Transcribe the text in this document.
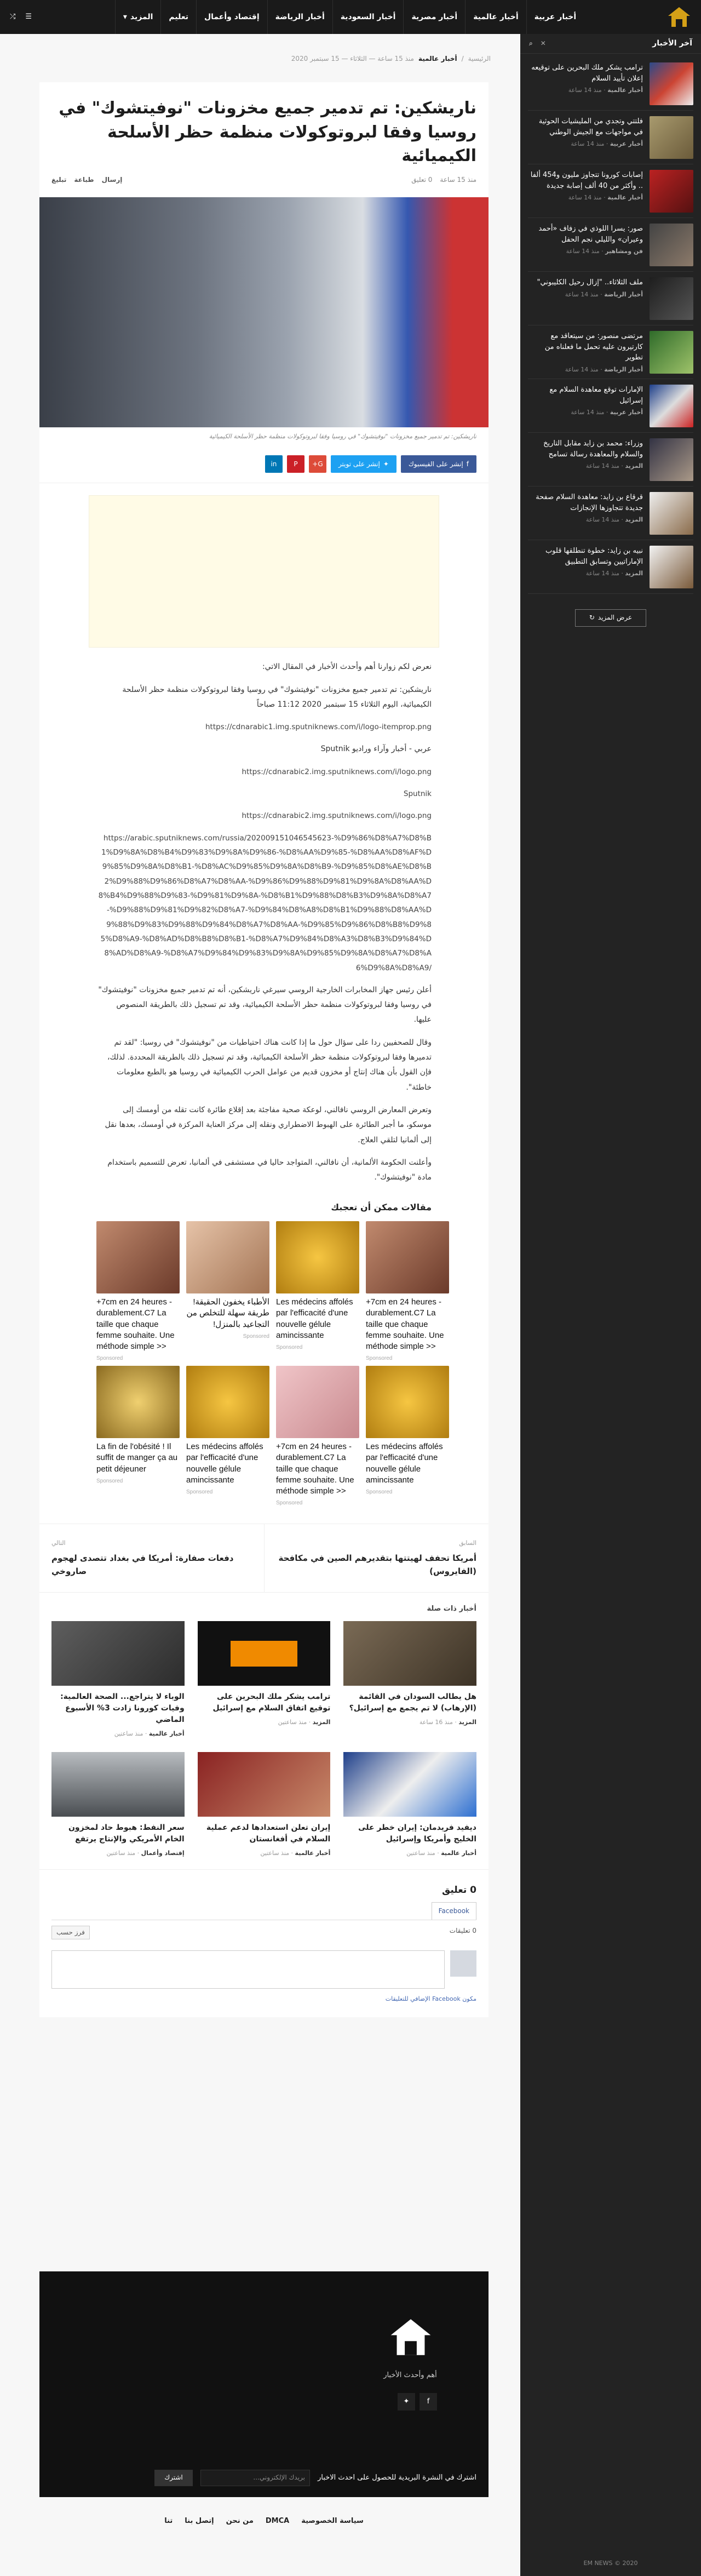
أخبار عربية
أخبار عالمية
أخبار مصرية
أخبار السعودية
أخبار الرياضة
إقتصاد وأعمال
تعليم
المزيد
▾
☰
⤮
آخر الأخبار
✕
⌕
ترامب يشكر ملك البحرين على توقيعه إعلان تأييد السلام
أخبار عالمية · منذ 14 ساعة
فلتتي وتجدي من المليشيات الحوثية في مواجهات مع الجيش الوطني
أخبار عربية · منذ 14 ساعة
إصابات كورونا تتجاوز مليون و454 ألفا .. وأكثر من 40 ألف إصابة جديدة
أخبار عالمية · منذ 14 ساعة
صور: يسرا اللوذي في زفاف «أحمد وعيران» والليلي نجم الحفل
فن ومشاهير · منذ 14 ساعة
ملف الثلاثاء.. "إزال رحيل الكليبوني"
أخبار الرياضة · منذ 14 ساعة
مرتضى منصور: من سيتعاقد مع كارتيرون عليه تحمل ما فعلناه من تطوير
أخبار الرياضة · منذ 14 ساعة
الإمارات توقع معاهدة السلام مع إسرائيل
أخبار عربية · منذ 14 ساعة
وزراء: محمد بن زايد مقابل التاريخ والسلام والمعاهدة رسالة تسامح
المزيد · منذ 14 ساعة
قرقاع بن زايد: معاهدة السلام صفحة جديدة تتجاوزها الإنجازات
المزيد · منذ 14 ساعة
نبيه بن زايد: خطوة تنطلقها قلوب الإماراتيين وتسابق التطبيق
المزيد · منذ 14 ساعة
عرض المزيد
↻
EM NEWS © 2020
الرئيسية
/
أخبار عالمية
منذ 15 ساعة — الثلاثاء — 15 سبتمبر 2020
ناريشكين: تم تدمير جميع مخزونات "نوفيتشوك" في روسيا وفقا لبروتوكولات منظمة حظر الأسلحة الكيميائية
منذ 15 ساعة
0 تعليق
إرسال
طباعة
تبليغ
ناريشكين: تم تدمير جميع مخزونات "نوفيتشوك" في روسيا وفقا لبروتوكولات منظمة حظر الأسلحة الكيميائية
f
إنشر على الفيسبوك
✦
إنشر على تويتر
G+
P
in

نعرض لكم زوارنا أهم وأحدث الأخبار في المقال الاتي:

ناريشكين: تم تدمير جميع مخزونات "نوفيتشوك" في روسيا وفقا لبروتوكولات منظمة حظر الأسلحة الكيميائية، اليوم الثلاثاء 15 سبتمبر 2020 11:12 صباحاً

https://cdnarabic1.img.sputniknews.com/i/logo-itemprop.png

عربي - أخبار وآراء وراديو Sputnik

https://cdnarabic2.img.sputniknews.com/i/logo.png

Sputnik

https://cdnarabic2.img.sputniknews.com/i/logo.png

https://arabic.sputniknews.com/russia/202009151046545623-%D9%86%D8%A7%D8%B1%D9%8A%D8%B4%D9%83%D9%8A%D9%86-%D8%AA%D9%85-%D8%AA%D8%AF%D9%85%D9%8A%D8%B1-%D8%AC%D9%85%D9%8A%D8%B9-%D9%85%D8%AE%D8%B2%D9%88%D9%86%D8%A7%D8%AA-%D9%86%D9%88%D9%81%D9%8A%D8%AA%D8%B4%D9%88%D9%83-%D9%81%D9%8A-%D8%B1%D9%88%D8%B3%D9%8A%D8%A7-%D9%88%D9%81%D9%82%D8%A7-%D9%84%D8%A8%D8%B1%D9%88%D8%AA%D9%88%D9%83%D9%88%D9%84%D8%A7%D8%AA-%D9%85%D9%86%D8%B8%D9%85%D8%A9-%D8%AD%D8%B8%D8%B1-%D8%A7%D9%84%D8%A3%D8%B3%D9%84%D8%AD%D8%A9-%D8%A7%D9%84%D9%83%D9%8A%D9%85%D9%8A%D8%A7%D8%A6%D9%8A%D8%A9/

أعلن رئيس جهاز المخابرات الخارجية الروسي سيرغي ناريشكين، أنه تم تدمير جميع مخزونات "نوفيتشوك" في روسيا وفقا لبروتوكولات منظمة حظر الأسلحة الكيميائية، وقد تم تسجيل ذلك بالطريقة المنصوص عليها.

وقال للصحفيين ردا على سؤال حول ما إذا كانت هناك احتياطيات من "نوفيتشوك" في روسيا: "لقد تم تدميرها وفقا لبروتوكولات منظمة حظر الأسلحة الكيميائية، وقد تم تسجيل ذلك بالطريقة المحددة. لذلك، فإن القول بأن هناك إنتاج أو مخزون قديم من عوامل الحرب الكيميائية في روسيا هو بالطبع معلومات خاطئة".

وتعرض المعارض الروسي نافالني، لوعكة صحية مفاجئة بعد إقلاع طائرة كانت تقله من أومسك إلى موسكو، ما أجبر الطائرة على الهبوط الاضطراري ونقله إلى مركز العناية المركزة في أومسك، بعدها نقل إلى ألمانيا لتلقي العلاج.

وأعلنت الحكومة الألمانية، أن نافالني، المتواجد حاليا في مستشفى في ألمانيا، تعرض للتسميم باستخدام مادة "نوفيتشوك".

مقالات ممكن أن تعجبك
+7cm en 24 heures - durablement.C7 La taille que chaque femme souhaite. Une méthode simple >>
Sponsored
الأطباء يخفون الحقيقة! طريقة سهلة للتخلص من التجاعيد بالمنزل!
Sponsored
Les médecins affolés par l'efficacité d'une nouvelle gélule amincissante
Sponsored
+7cm en 24 heures - durablement.C7 La taille que chaque femme souhaite. Une méthode simple >>
Sponsored
La fin de l'obésité ! Il suffit de manger ça au petit déjeuner
Sponsored
Les médecins affolés par l'efficacité d'une nouvelle gélule amincissante
Sponsored
+7cm en 24 heures - durablement.C7 La taille que chaque femme souhaite. Une méthode simple >>
Sponsored
Les médecins affolés par l'efficacité d'une nouvelle gélule amincissante
Sponsored
السابق
أمريكا تحفف لهيتتها بتقديرهم الصين في مكافحة (الفايروس)
التالي
دفعات صفارة: أمريكا في بغداد تتصدى لهجوم صاروخي
أخبار ذات صلة
هل يطالب السودان في القائمة (الإرهاب) لا تم يجمع مع إسرائيل؟
المزيد · منذ 16 ساعة
ترامب يشكر ملك البحرين على توقيع اتفاق السلام مع إسرائيل
المزيد · منذ ساعتين
الوباء لا يتراجع... الصحة العالمية: وفيات كورونا زادت 3% الأسبوع الماضي
أخبار عالمية · منذ ساعتين
ديفيد فريدمان: إيران خطر على الخليج وأمريكا وإسرائيل
أخبار عالمية · منذ ساعتين
إيران تعلن استعدادها لدعم عملية السلام في أفغانستان
أخبار عالمية · منذ ساعتين
سعر النفط: هبوط حاد لمخزون الخام الأمريكي والإنتاج يرتفع
إقتصاد وأعمال · منذ ساعتين
0 تعليق
Facebook
0 تعليقات
فرز حسب
مكون Facebook الإضافي للتعليقات
أهم وأحدث الأخبار
f
✦
اشترك في النشرة البريدية للحصول على احدث الاخبار
بريدك الإلكتروني...
اشترك
سياسة الخصوصية
DMCA
من نحن
إتصل بنا
تنا
